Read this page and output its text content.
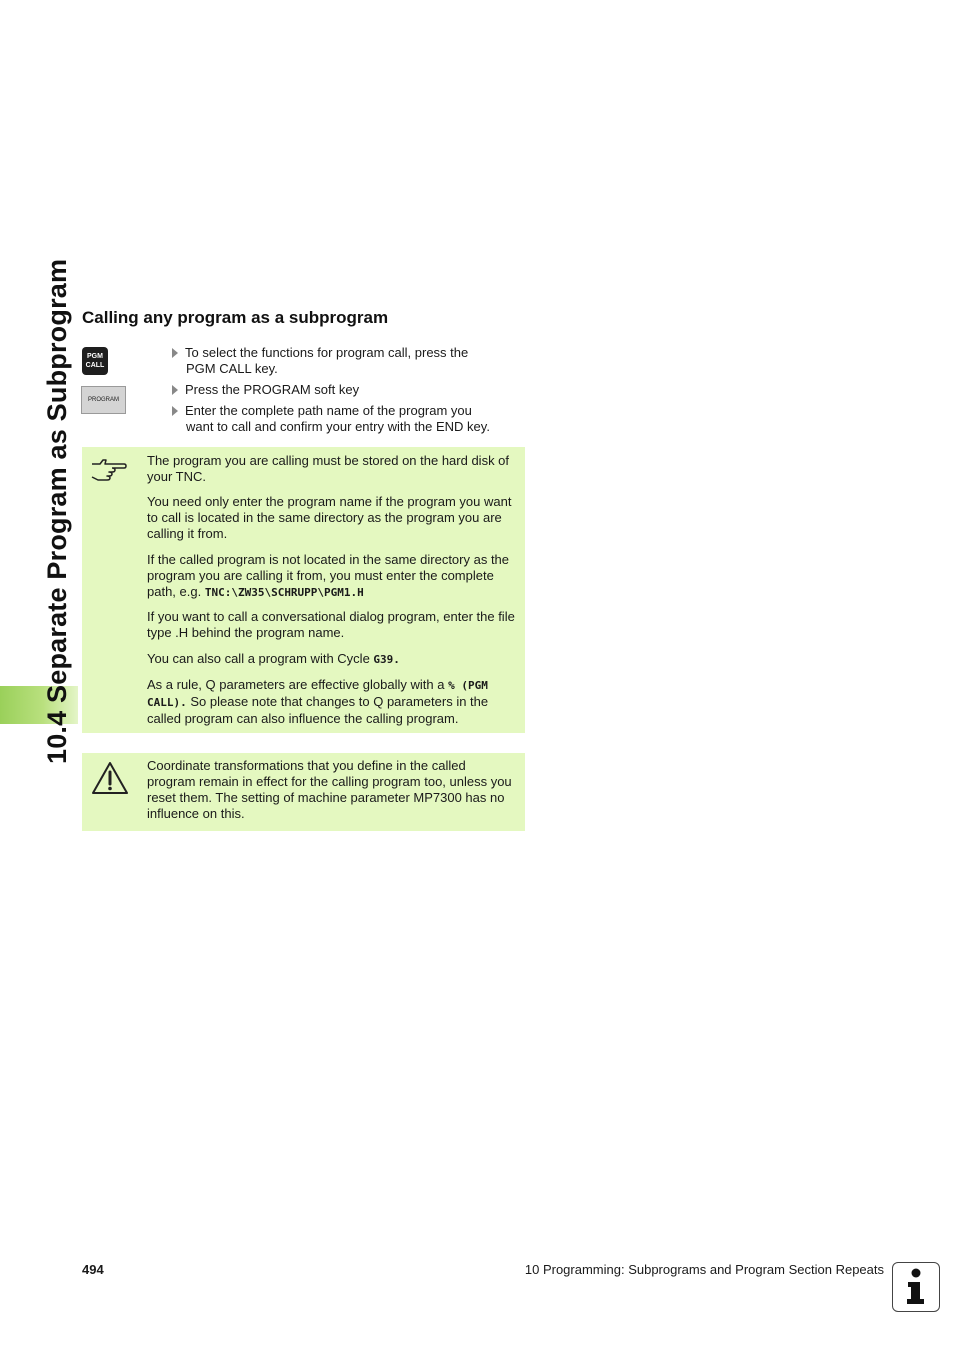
10.4 Separate Program as Subprogram Calling any program as a subprogram
PGM
CALL
PROGRAM
To select the functions for program call, press the
PGM CALL key.
Press the PROGRAM soft key
Enter the complete path name of the program you
want to call and confirm your entry with the END key.

The program you are calling must be stored on the hard disk of your TNC.

You need only enter the program name if the program you want to call is located in the same directory as the program you are calling it from.

If the called program is not located in the same directory as the program you are calling it from, you must enter the complete path, e.g. TNC:\ZW35\SCHRUPP\PGM1.H

If you want to call a conversational dialog program, enter the file type .H behind the program name.

You can also call a program with Cycle G39.

As a rule, Q parameters are effective globally with a % (PGM CALL). So please note that changes to Q parameters in the called program can also influence the calling program.

Coordinate transformations that you define in the called program remain in effect for the calling program too, unless you reset them. The setting of machine parameter MP7300 has no influence on this.

494	10 Programming: Subprograms and Program Section Repeats
